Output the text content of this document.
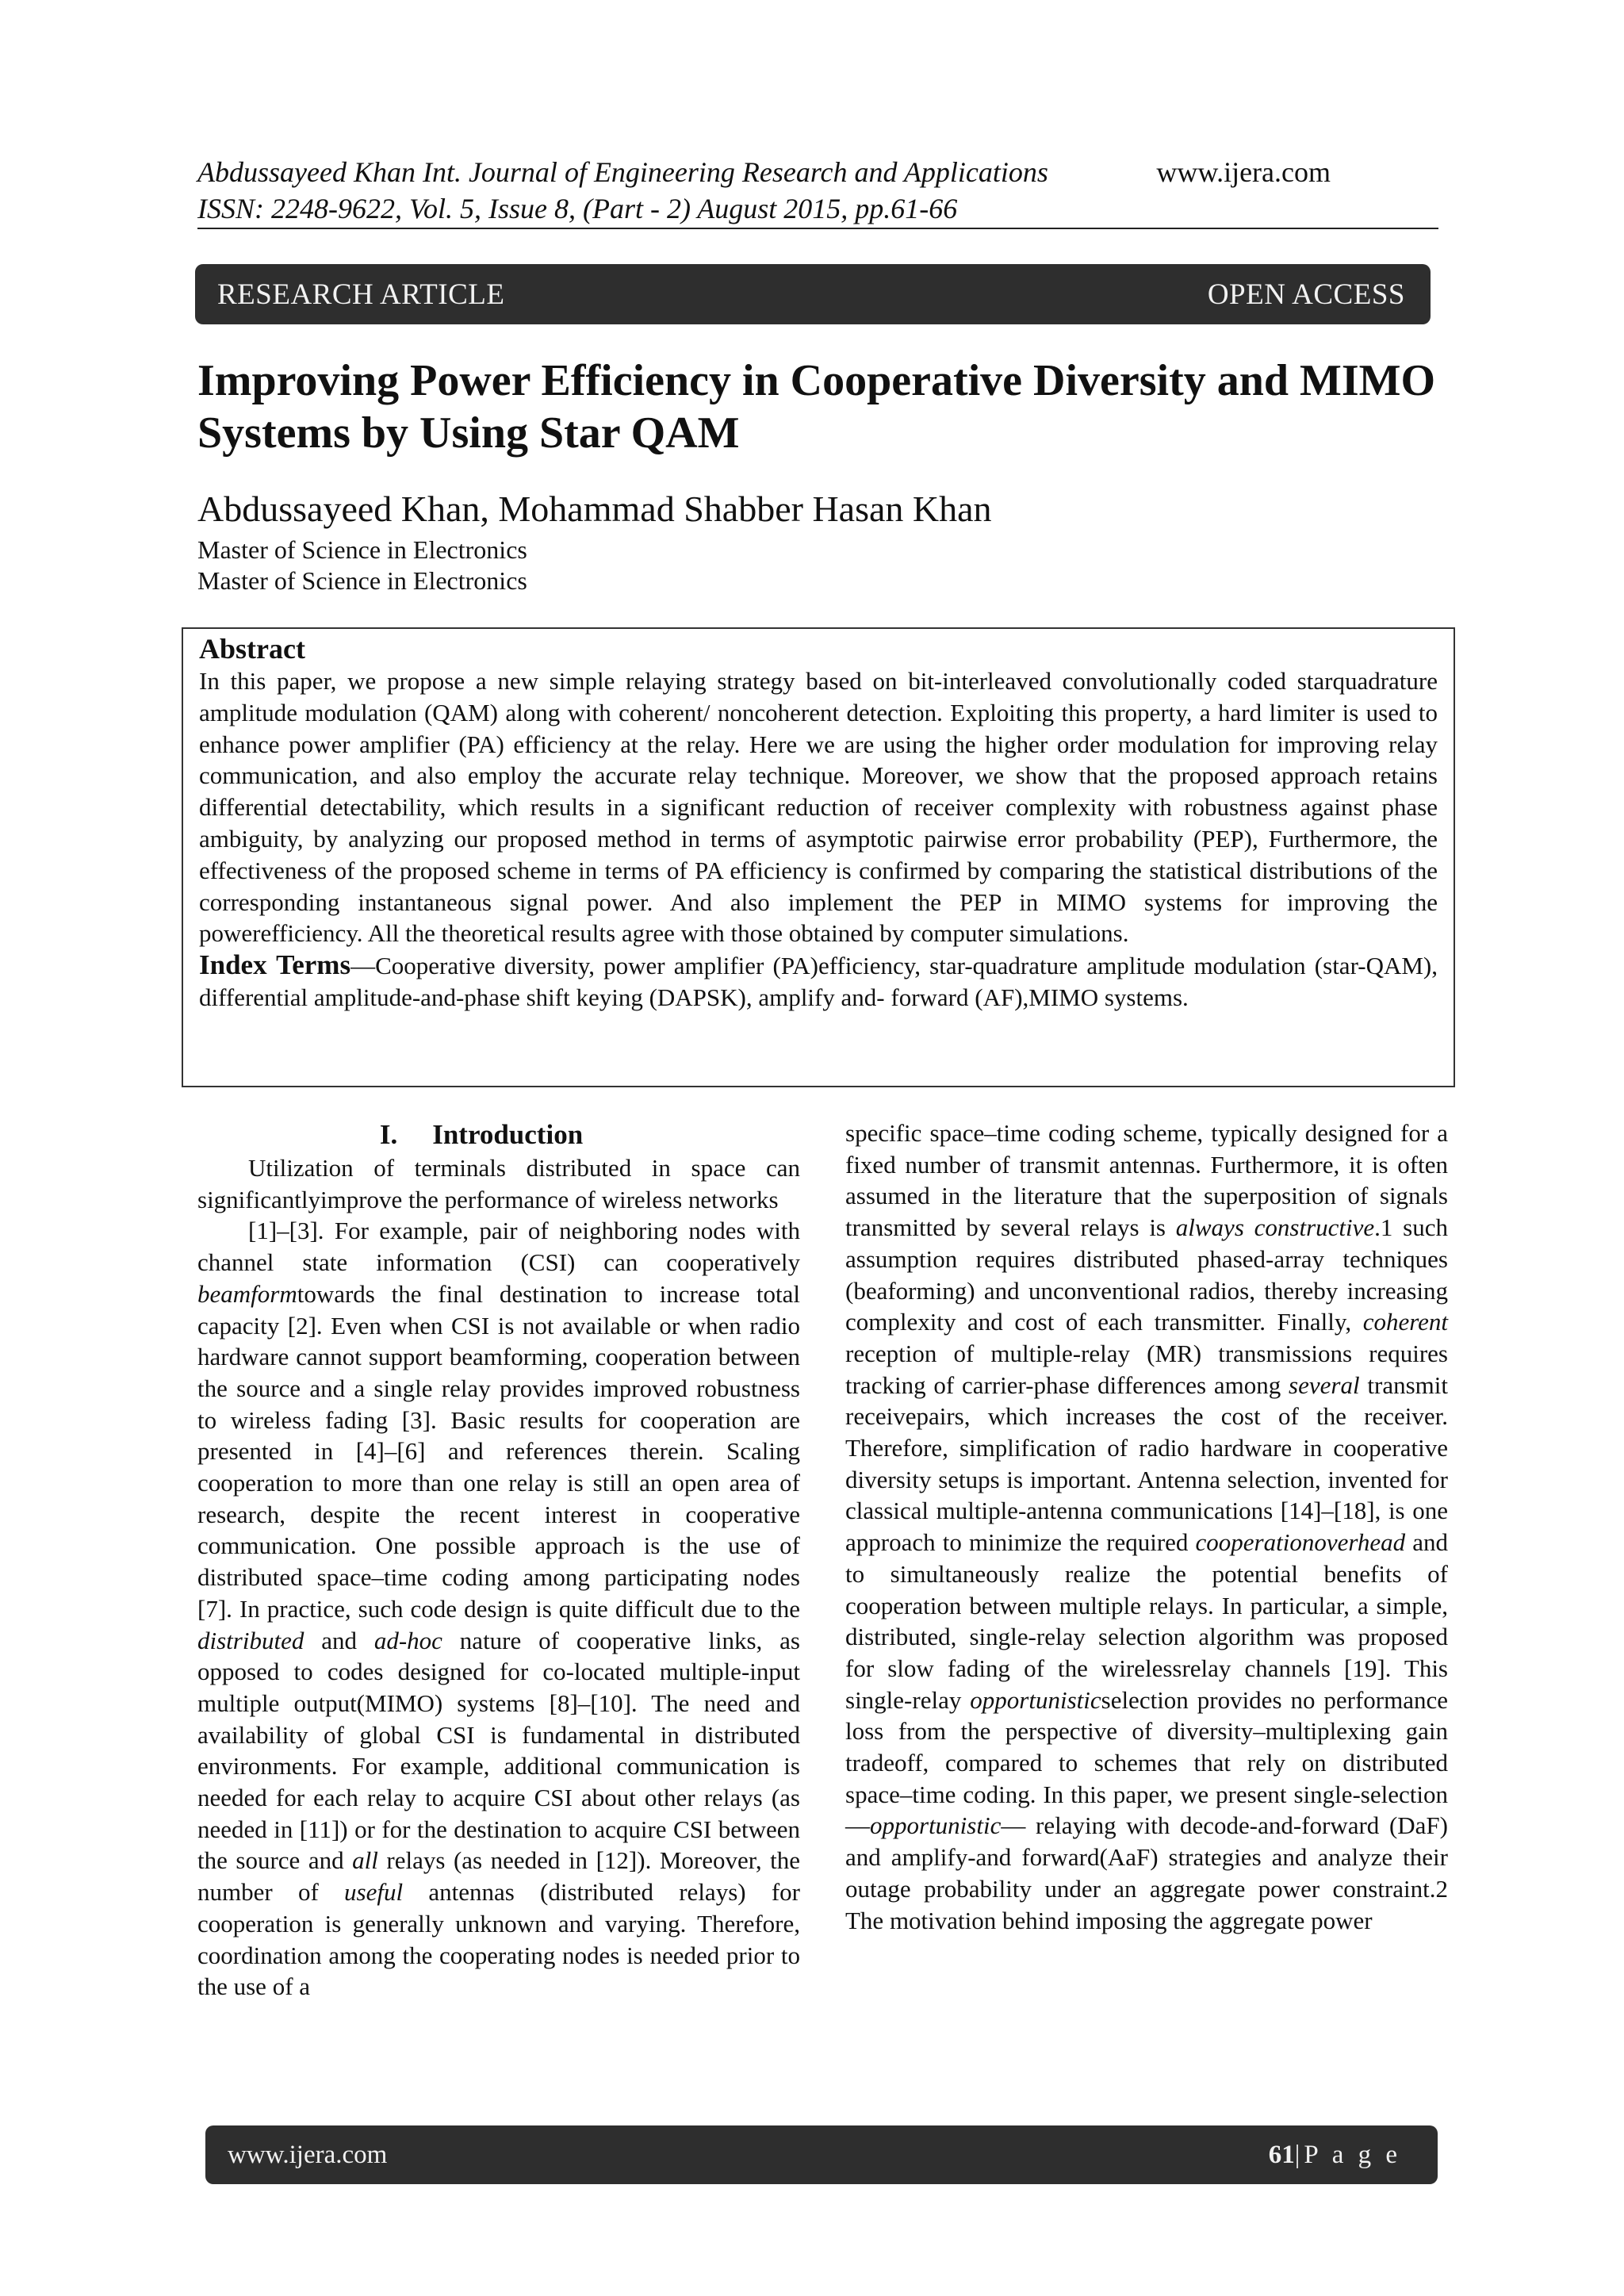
Abdussayeed Khan Int. Journal of Engineering Research and Applications	www.ijera.com
ISSN: 2248-9622, Vol. 5, Issue 8, (Part - 2) August 2015, pp.61-66
RESEARCH ARTICLE	OPEN ACCESS
Improving Power Efficiency in Cooperative Diversity and MIMO Systems by Using Star QAM
Abdussayeed Khan, Mohammad Shabber Hasan Khan
Master of Science in Electronics
Master of Science in Electronics
Abstract

In this paper, we propose a new simple relaying strategy based on bit-interleaved convolutionally coded starquadrature amplitude modulation (QAM) along with coherent/ noncoherent detection. Exploiting this property, a hard limiter is used to enhance power amplifier (PA) efficiency at the relay. Here we are using the higher order modulation for improving relay communication, and also employ the accurate relay technique. Moreover, we show that the proposed approach retains differential detectability, which results in a significant reduction of receiver complexity with robustness against phase ambiguity, by analyzing our proposed method in terms of asymptotic pairwise error probability (PEP), Furthermore, the effectiveness of the proposed scheme in terms of PA efficiency is confirmed by comparing the statistical distributions of the corresponding instantaneous signal power. And also implement the PEP in MIMO systems for improving the powerefficiency. All the theoretical results agree with those obtained by computer simulations.

Index Terms—Cooperative diversity, power amplifier (PA)efficiency, star-quadrature amplitude modulation (star-QAM), differential amplitude-and-phase shift keying (DAPSK), amplify and- forward (AF),MIMO systems.

I. Introduction

Utilization of terminals distributed in space can significantlyimprove the performance of wireless networks

[1]–[3]. For example, pair of neighboring nodes with channel state information (CSI) can cooperatively beamformtowards the final destination to increase total capacity [2]. Even when CSI is not available or when radio hardware cannot support beamforming, cooperation between the source and a single relay provides improved robustness to wireless fading [3]. Basic results for cooperation are presented in [4]–[6] and references therein. Scaling cooperation to more than one relay is still an open area of research, despite the recent interest in cooperative communication. One possible approach is the use of distributed space–time coding among participating nodes [7]. In practice, such code design is quite difficult due to the distributed and ad-hoc nature of cooperative links, as opposed to codes designed for co-located multiple-input multiple output(MIMO) systems [8]–[10]. The need and availability of global CSI is fundamental in distributed environments. For example, additional communication is needed for each relay to acquire CSI about other relays (as needed in [11]) or for the destination to acquire CSI between the source and all relays (as needed in [12]). Moreover, the number of useful antennas (distributed relays) for cooperation is generally unknown and varying. Therefore, coordination among the cooperating nodes is needed prior to the use of a

specific space–time coding scheme, typically designed for a fixed number of transmit antennas. Furthermore, it is often assumed in the literature that the superposition of signals transmitted by several relays is always constructive.1 such assumption requires distributed phased-array techniques (beaforming) and unconventional radios, thereby increasing complexity and cost of each transmitter. Finally, coherent reception of multiple-relay (MR) transmissions requires tracking of carrier-phase differences among several transmit receivepairs, which increases the cost of the receiver. Therefore, simplification of radio hardware in cooperative diversity setups is important. Antenna selection, invented for classical multiple-antenna communications [14]–[18], is one approach to minimize the required cooperationoverhead and to simultaneously realize the potential benefits of cooperation between multiple relays. In particular, a simple, distributed, single-relay selection algorithm was proposed for slow fading of the wirelessrelay channels [19]. This single-relay opportunisticselection provides no performance loss from the perspective of diversity–multiplexing gain tradeoff, compared to schemes that rely on distributed space–time coding. In this paper, we present single-selection—opportunistic— relaying with decode-and-forward (DaF) and amplify-and forward(AaF) strategies and analyze their outage probability under an aggregate power constraint.2 The motivation behind imposing the aggregate power

www.ijera.com	61|P a g e
